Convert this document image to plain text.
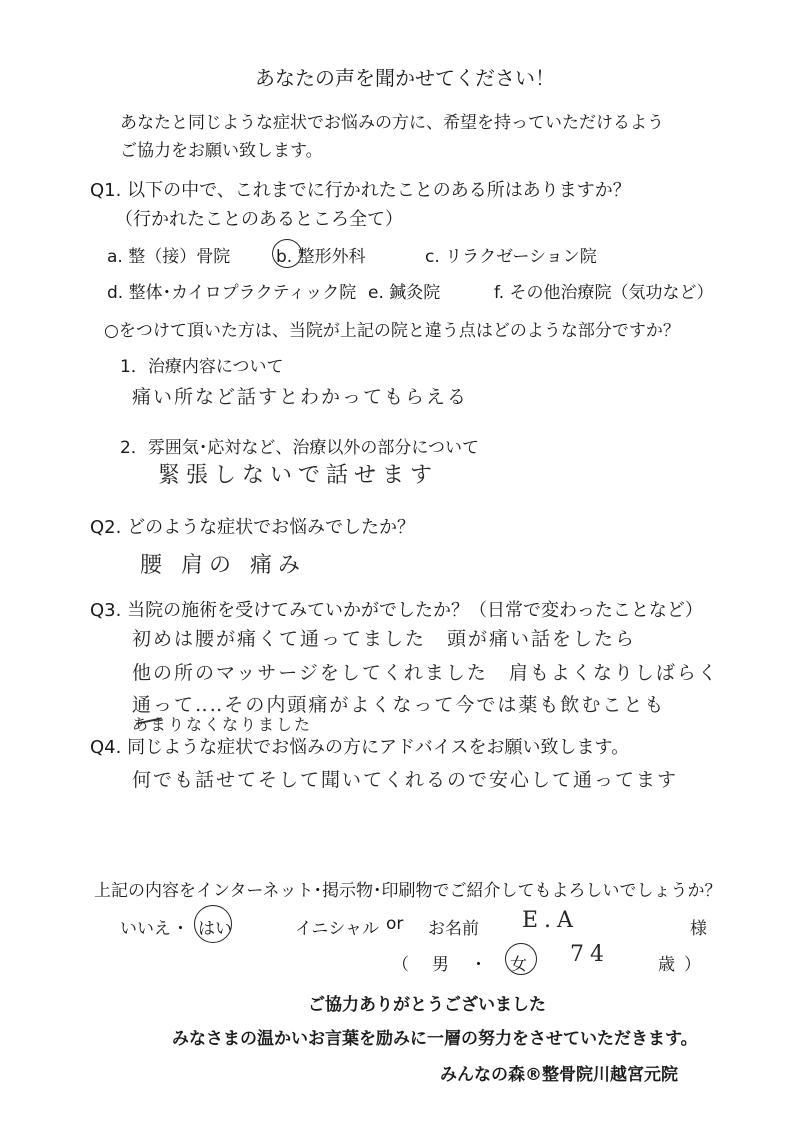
あなたの声を聞かせてください！
あなたと同じような症状でお悩みの方に、希望を持っていただけるよう
ご協力をお願い致します。
Q1. 以下の中で、これまでに行かれたことのある所はありますか？
（行かれたことのあるところ全て）
a. 整（接）骨院	b. 整形外科	c. リラクゼーション院
d. 整体･カイロプラクティック院 e. 鍼灸院	f. その他治療院（気功など）
○をつけて頂いた方は、当院が上記の院と違う点はどのような部分ですか？
1．治療内容について
痛い所など話すとわかってもらえる
2．雰囲気･応対など、治療以外の部分について
緊張しないで話せます
Q2. どのような症状でお悩みでしたか？
腰 肩の 痛み
Q3. 当院の施術を受けてみていかがでしたか？（日常で変わったことなど）
初めは腰が痛くて通ってました　頭が痛い話をしたら
他の所のマッサージをしてくれました　肩もよくなりしばらく
通って‥‥その内頭痛がよくなって今では薬も飲むことも
あまりなくなりました
Q4. 同じような症状でお悩みの方にアドバイスをお願い致します。
何でも話せてそして聞いてくれるので安心して通ってます
上記の内容をインターネット･掲示物･印刷物でご紹介してもよろしいでしょうか？
いいえ ・ はい	イニシャル or お名前 E.A	様
（ 男 ・ 女 74	歳 ）
ご協力ありがとうございました
みなさまの温かいお言葉を励みに一層の努力をさせていただきます。
みんなの森®整骨院川越宮元院
